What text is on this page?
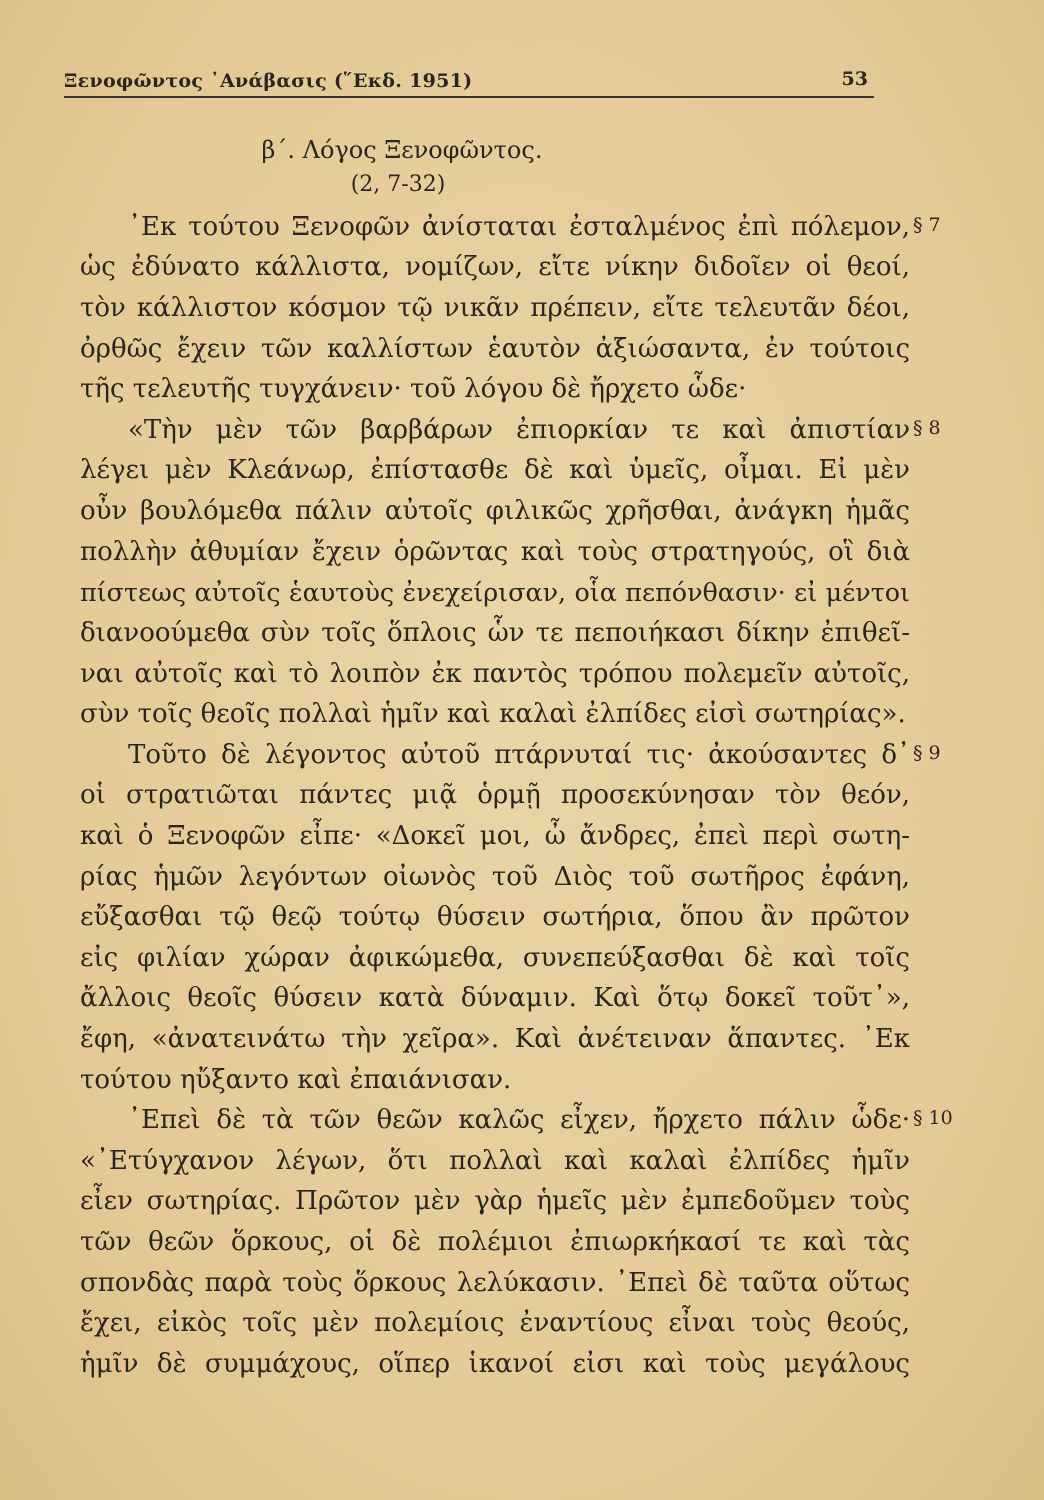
Ξενοφῶντος ᾿Ανάβασις (῞Εκδ. 1951)	53
β΄. Λόγος Ξενοφῶντος.
(2, 7-32)
᾿Εκ τούτου Ξενοφῶν ἀνίσταται ἐσταλμένος ἐπὶ πόλεμον,
ὡς ἐδύνατο κάλλιστα, νομίζων, εἴτε νίκην διδοῖεν οἱ θεοί,
τὸν κάλλιστον κόσμον τῷ νικᾶν πρέπειν, εἴτε τελευτᾶν δέοι,
ὀρθῶς ἔχειν τῶν καλλίστων ἑαυτὸν ἀξιώσαντα, ἐν τούτοις
τῆς τελευτῆς τυγχάνειν· τοῦ λόγου δὲ ἤρχετο ὧδε·
«Τὴν μὲν τῶν βαρβάρων ἐπιορκίαν τε καὶ ἀπιστίαν
λέγει μὲν Κλεάνωρ, ἐπίστασθε δὲ καὶ ὑμεῖς, οἶμαι. Εἰ μὲν
οὖν βουλόμεθα πάλιν αὐτοῖς φιλικῶς χρῆσθαι, ἀνάγκη ἡμᾶς
πολλὴν ἀθυμίαν ἔχειν ὁρῶντας καὶ τοὺς στρατηγούς, οἳ διὰ
πίστεως αὐτοῖς ἑαυτοὺς ἐνεχείρισαν, οἷα πεπόνθασιν· εἰ μέντοι
διανοούμεθα σὺν τοῖς ὅπλοις ὧν τε πεποιήκασι δίκην ἐπιθεῖ-
ναι αὐτοῖς καὶ τὸ λοιπὸν ἐκ παντὸς τρόπου πολεμεῖν αὐτοῖς,
σὺν τοῖς θεοῖς πολλαὶ ἡμῖν καὶ καλαὶ ἐλπίδες εἰσὶ σωτηρίας».
Τοῦτο δὲ λέγοντος αὐτοῦ πτάρνυταί τις· ἀκούσαντες δ᾿
οἱ στρατιῶται πάντες μιᾷ ὁρμῇ προσεκύνησαν τὸν θεόν,
καὶ ὁ Ξενοφῶν εἶπε· «Δοκεῖ μοι, ὦ ἄνδρες, ἐπεὶ περὶ σωτη-
ρίας ἡμῶν λεγόντων οἰωνὸς τοῦ Διὸς τοῦ σωτῆρος ἐφάνη,
εὔξασθαι τῷ θεῷ τούτῳ θύσειν σωτήρια, ὅπου ἂν πρῶτον
εἰς φιλίαν χώραν ἀφικώμεθα, συνεπεύξασθαι δὲ καὶ τοῖς
ἄλλοις θεοῖς θύσειν κατὰ δύναμιν. Καὶ ὅτῳ δοκεῖ τοῦτ᾿»,
ἔφη, «ἀνατεινάτω τὴν χεῖρα». Καὶ ἀνέτειναν ἅπαντες. ᾿Εκ
τούτου ηὔξαντο καὶ ἐπαιάνισαν.
᾿Επεὶ δὲ τὰ τῶν θεῶν καλῶς εἶχεν, ἤρχετο πάλιν ὧδε·
«᾿Ετύγχανον λέγων, ὅτι πολλαὶ καὶ καλαὶ ἐλπίδες ἡμῖν
εἶεν σωτηρίας. Πρῶτον μὲν γὰρ ἡμεῖς μὲν ἐμπεδοῦμεν τοὺς
τῶν θεῶν ὅρκους, οἱ δὲ πολέμιοι ἐπιωρκήκασί τε καὶ τὰς
σπονδὰς παρὰ τοὺς ὅρκους λελύκασιν. ᾿Επεὶ δὲ ταῦτα οὕτως
ἔχει, εἰκὸς τοῖς μὲν πολεμίοις ἐναντίους εἶναι τοὺς θεούς,
ἡμῖν δὲ συμμάχους, οἵπερ ἱκανοί εἰσι καὶ τοὺς μεγάλους
§ 7
§ 8
§ 9
§ 10
